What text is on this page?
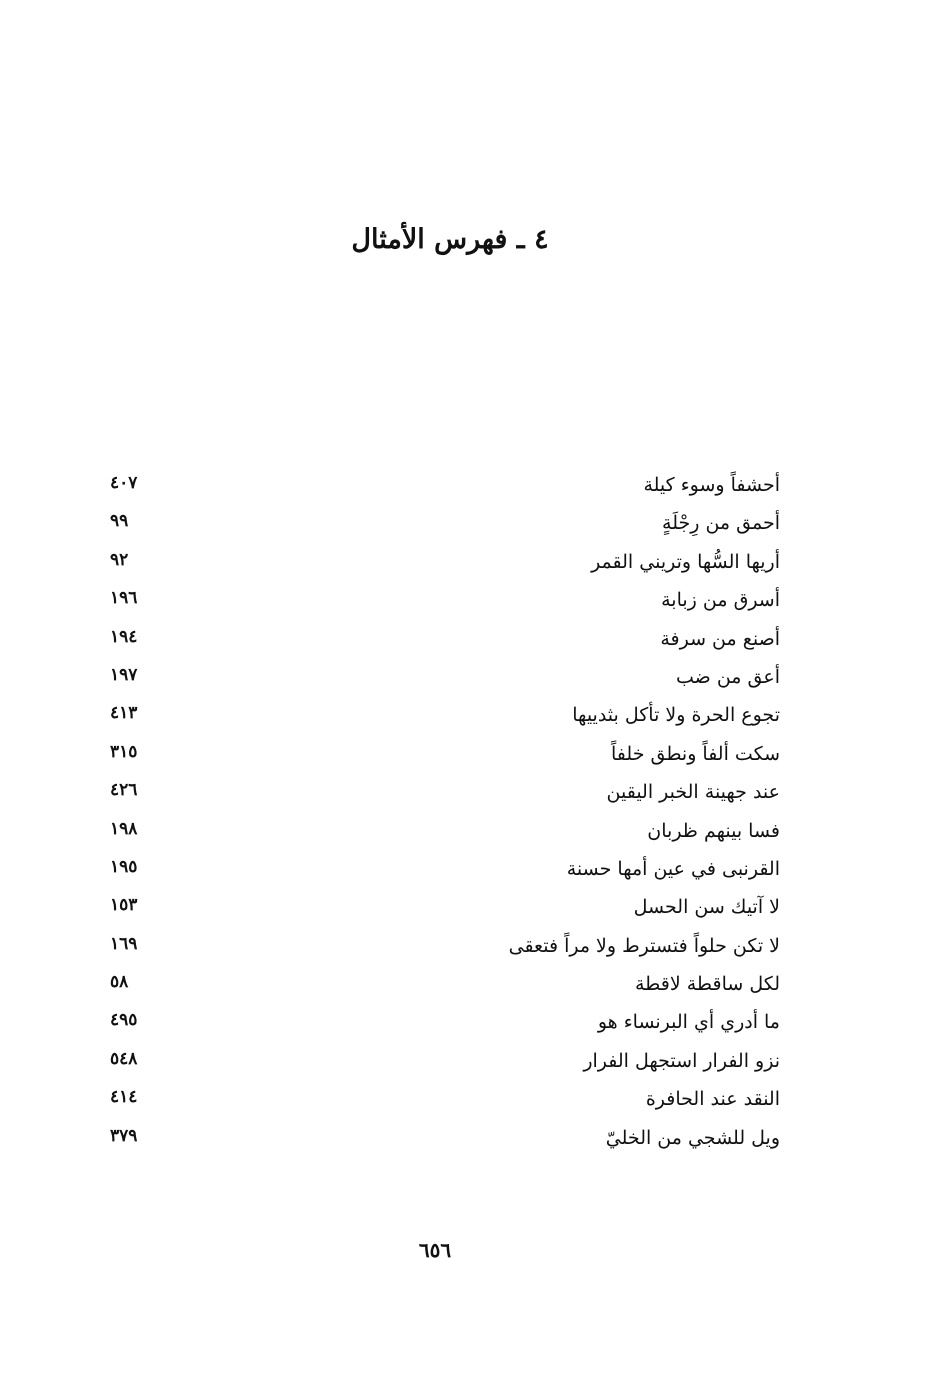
٤ ـ فهرس الأمثال
أحشفاً وسوء كيلة
٤٠٧
أحمق من رِجْلَةٍ
٩٩
أريها السُّها وتريني القمر
٩٢
أسرق من زبابة
١٩٦
أصنع من سرفة
١٩٤
أعق من ضب
١٩٧
تجوع الحرة ولا تأكل بثدييها
٤١٣
سكت ألفاً ونطق خلفاً
٣١٥
عند جهينة الخبر اليقين
٤٢٦
فسا بينهم ظربان
١٩٨
القرنبى في عين أمها حسنة
١٩٥
لا آتيك سن الحسل
١٥٣
لا تكن حلواً فتسترط ولا مراً فتعقى
١٦٩
لكل ساقطة لاقطة
٥٨
ما أدري أي البرنساء هو
٤٩٥
نزو الفرار استجهل الفرار
٥٤٨
النقد عند الحافرة
٤١٤
ويل للشجي من الخليّ
٣٧٩
٦٥٦
